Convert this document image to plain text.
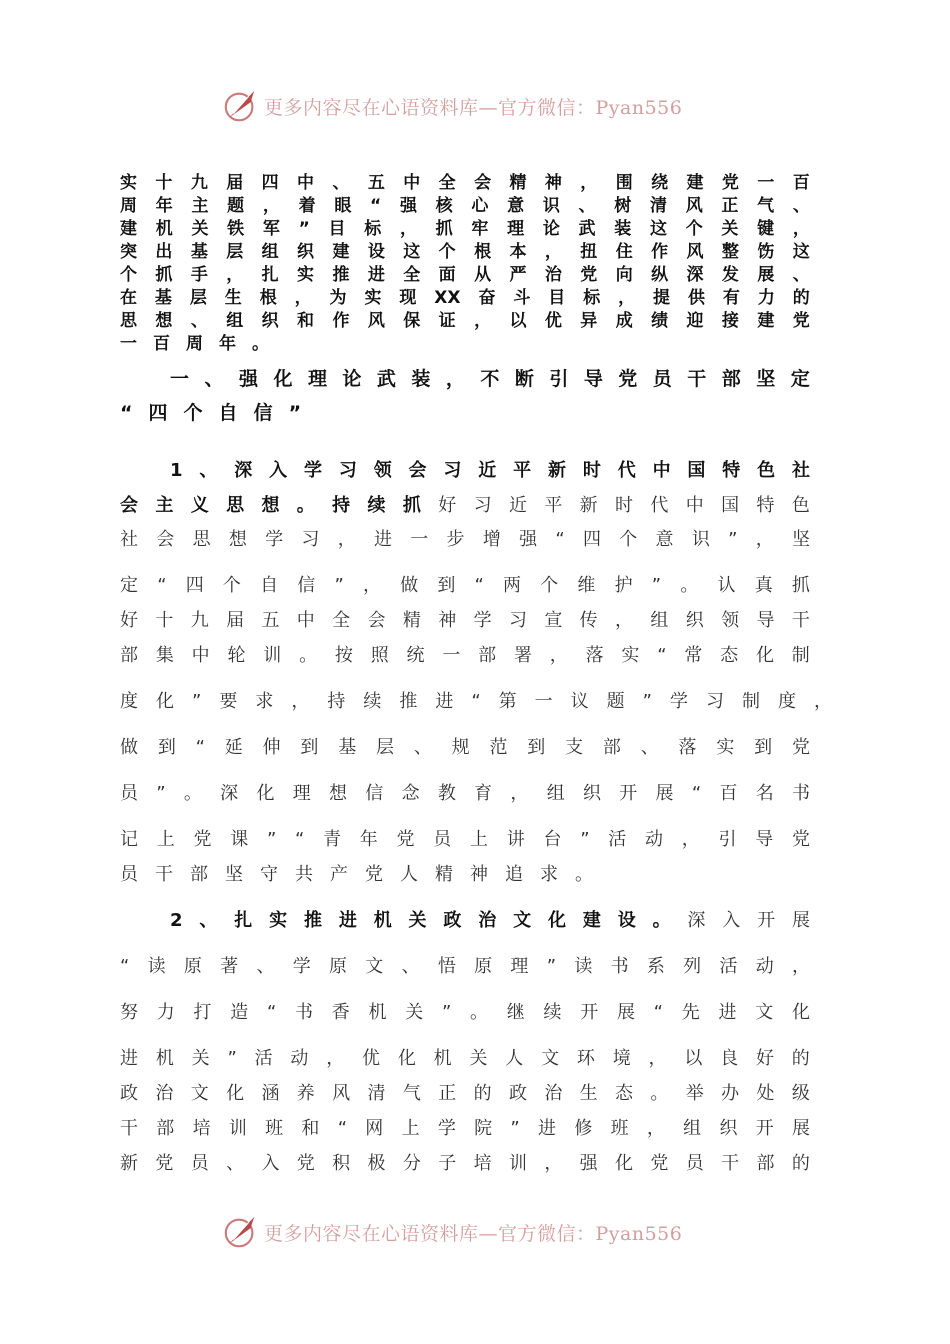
更多内容尽在心语资料库—官方微信：Pyan556
实 十 九 届 四 中 、 五 中 全 会 精 神 ， 围 绕 建 党 一 百
周 年 主 题 ， 着 眼 “ 强 核 心 意 识 、 树 清 风 正 气 、
建 机 关 铁 军 ” 目 标 ， 抓 牢 理 论 武 装 这 个 关 键 ，
突 出 基 层 组 织 建 设 这 个 根 本 ， 扭 住 作 风 整 饬 这
个 抓 手 ， 扎 实 推 进 全 面 从 严 治 党 向 纵 深 发 展 、
在 基 层 生 根 ， 为 实 现 XX 奋 斗 目 标 ， 提 供 有 力 的
思 想 、 组 织 和 作 风 保 证 ， 以 优 异 成 绩 迎 接 建 党
一 百 周 年 。
一 、 强 化 理 论 武 装 ， 不 断 引 导 党 员 干 部 坚 定
“ 四 个 自 信 ”
1 、 深 入 学 习 领 会 习 近 平 新 时 代 中 国 特 色 社
会 主 义 思 想 。 持 续 抓 好 习 近 平 新 时 代 中 国 特 色
社 会 思 想 学 习 ， 进 一 步 增 强 “ 四 个 意 识 ” ， 坚
定 “ 四 个 自 信 ” ， 做 到 “ 两 个 维 护 ” 。 认 真 抓
好 十 九 届 五 中 全 会 精 神 学 习 宣 传 ， 组 织 领 导 干
部 集 中 轮 训 。 按 照 统 一 部 署 ， 落 实 “ 常 态 化 制
度 化 ” 要 求 ， 持 续 推 进 “ 第 一 议 题 ” 学 习 制 度 ，
做 到 “ 延 伸 到 基 层 、 规 范 到 支 部 、 落 实 到 党
员 ” 。 深 化 理 想 信 念 教 育 ， 组 织 开 展 “ 百 名 书
记 上 党 课 ” “ 青 年 党 员 上 讲 台 ” 活 动 ， 引 导 党
员 干 部 坚 守 共 产 党 人 精 神 追 求 。
2 、 扎 实 推 进 机 关 政 治 文 化 建 设 。 深 入 开 展
“ 读 原 著 、 学 原 文 、 悟 原 理 ” 读 书 系 列 活 动 ，
努 力 打 造 “ 书 香 机 关 ” 。 继 续 开 展 “ 先 进 文 化
进 机 关 ” 活 动 ， 优 化 机 关 人 文 环 境 ， 以 良 好 的
政 治 文 化 涵 养 风 清 气 正 的 政 治 生 态 。 举 办 处 级
干 部 培 训 班 和 “ 网 上 学 院 ” 进 修 班 ， 组 织 开 展
新 党 员 、 入 党 积 极 分 子 培 训 ， 强 化 党 员 干 部 的
更多内容尽在心语资料库—官方微信：Pyan556
